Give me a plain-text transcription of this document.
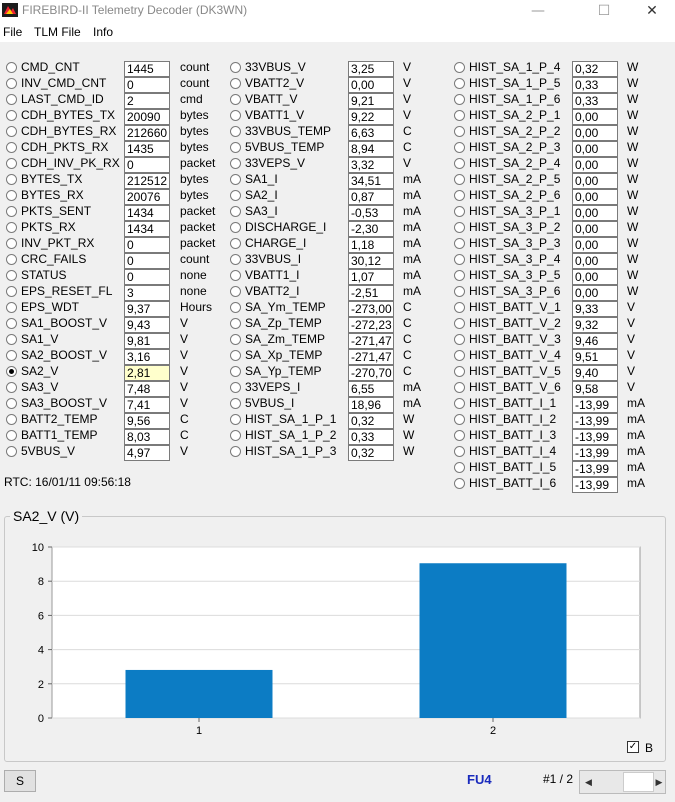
FIREBIRD-II Telemetry Decoder (DK3WN)	—	☐	✕
File TLM File Info
CMD_CNT	1445	count
INV_CMD_CNT 0	count
LAST_CMD_ID 2	cmd
CDH_BYTES_TX 20090	bytes
CDH_BYTES_RX 212660 bytes
CDH_PKTS_RX 1435	bytes
CDH_INV_PK_RX 0	packet
BYTES_TX	212512 bytes
BYTES_RX	20076	bytes
PKTS_SENT	1434	packet
PKTS_RX	1434	packet
INV_PKT_RX	0	packet
CRC_FAILS	0	count
STATUS	0	none
EPS_RESET_FL 3	none
EPS_WDT	9,37	Hours
SA1_BOOST_V 9,43	V
SA1_V	9,81	V
SA2_BOOST_V 3,16	V
SA2_V	2,81	V
SA3_V	7,48	V
SA3_BOOST_V 7,41	V
BATT2_TEMP 9,56	C
BATT1_TEMP 8,03	C
5VBUS_V	4,97	V
33VBUS_V	3,25	V
VBATT2_V	0,00	V
VBATT_V	9,21	V
VBATT1_V	9,22	V
33VBUS_TEMP 6,63	C
5VBUS_TEMP 8,94	C
33VEPS_V	3,32	V
SA1_I	34,51	mA
SA2_I	0,87	mA
SA3_I	-0,53	mA
DISCHARGE_I -2,30	mA
CHARGE_I	1,18	mA
33VBUS_I	30,12	mA
VBATT1_I	1,07	mA
VBATT2_I	-2,51	mA
SA_Ym_TEMP -273,00 C
SA_Zp_TEMP -272,23 C
SA_Zm_TEMP -271,47 C
SA_Xp_TEMP -271,47 C
SA_Yp_TEMP -270,70 C
33VEPS_I	6,55	mA
5VBUS_I	18,96	mA
HIST_SA_1_P_1 0,32	W
HIST_SA_1_P_2 0,33	W
HIST_SA_1_P_3 0,32	W
HIST_SA_1_P_4 0,32	W
HIST_SA_1_P_5 0,33	W
HIST_SA_1_P_6 0,33	W
HIST_SA_2_P_1 0,00	W
HIST_SA_2_P_2 0,00	W
HIST_SA_2_P_3 0,00	W
HIST_SA_2_P_4 0,00	W
HIST_SA_2_P_5 0,00	W
HIST_SA_2_P_6 0,00	W
HIST_SA_3_P_1 0,00	W
HIST_SA_3_P_2 0,00	W
HIST_SA_3_P_3 0,00	W
HIST_SA_3_P_4 0,00	W
HIST_SA_3_P_5 0,00	W
HIST_SA_3_P_6 0,00	W
HIST_BATT_V_1 9,33	V
HIST_BATT_V_2 9,32	V
HIST_BATT_V_3 9,46	V
HIST_BATT_V_4 9,51	V
HIST_BATT_V_5 9,40	V
HIST_BATT_V_6 9,58	V
HIST_BATT_I_1 -13,99	mA
HIST_BATT_I_2 -13,99	mA
HIST_BATT_I_3 -13,99	mA
HIST_BATT_I_4 -13,99	mA
HIST_BATT_I_5 -13,99	mA
HIST_BATT_I_6 -13,99	mA
RTC: 16/01/11 09:56:18
SA2_V (V)
0
2
4
6
8
10
1	2
✓ B
S	FU4	#1 / 2	◀	▶
